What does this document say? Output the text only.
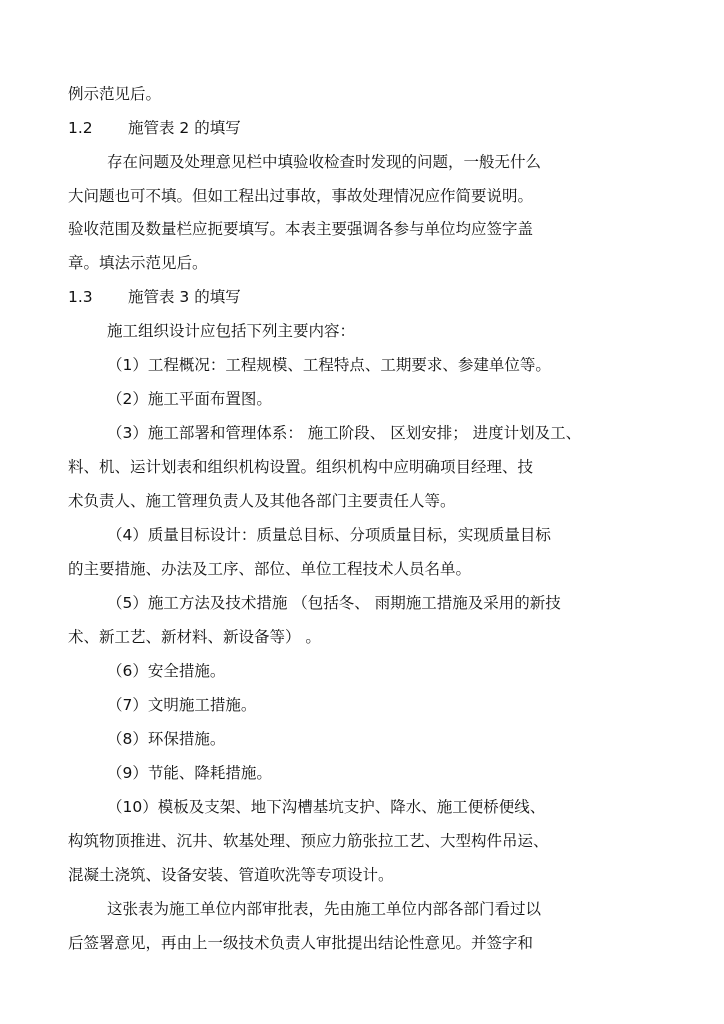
例示范见后。
1.2 施管表 2 的填写
存在问题及处理意见栏中填验收检查时发现的问题，一般无什么
大问题也可不填。但如工程出过事故，事故处理情况应作简要说明。
验收范围及数量栏应扼要填写。本表主要强调各参与单位均应签字盖
章。填法示范见后。
1.3 施管表 3 的填写
施工组织设计应包括下列主要内容：
（1）工程概况：工程规模、工程特点、工期要求、参建单位等。
（2）施工平面布置图。
（3）施工部署和管理体系： 施工阶段、 区划安排； 进度计划及工、
料、机、运计划表和组织机构设置。组织机构中应明确项目经理、技
术负责人、施工管理负责人及其他各部门主要责任人等。
（4）质量目标设计：质量总目标、分项质量目标，实现质量目标
的主要措施、办法及工序、部位、单位工程技术人员名单。
（5）施工方法及技术措施 （包括冬、 雨期施工措施及采用的新技
术、新工艺、新材料、新设备等） 。
（6）安全措施。
（7）文明施工措施。
（8）环保措施。
（9）节能、降耗措施。
（10）模板及支架、地下沟槽基坑支护、降水、施工便桥便线、
构筑物顶推进、沉井、软基处理、预应力筋张拉工艺、大型构件吊运、
混凝土浇筑、设备安装、管道吹洗等专项设计。
这张表为施工单位内部审批表，先由施工单位内部各部门看过以
后签署意见，再由上一级技术负责人审批提出结论性意见。并签字和
